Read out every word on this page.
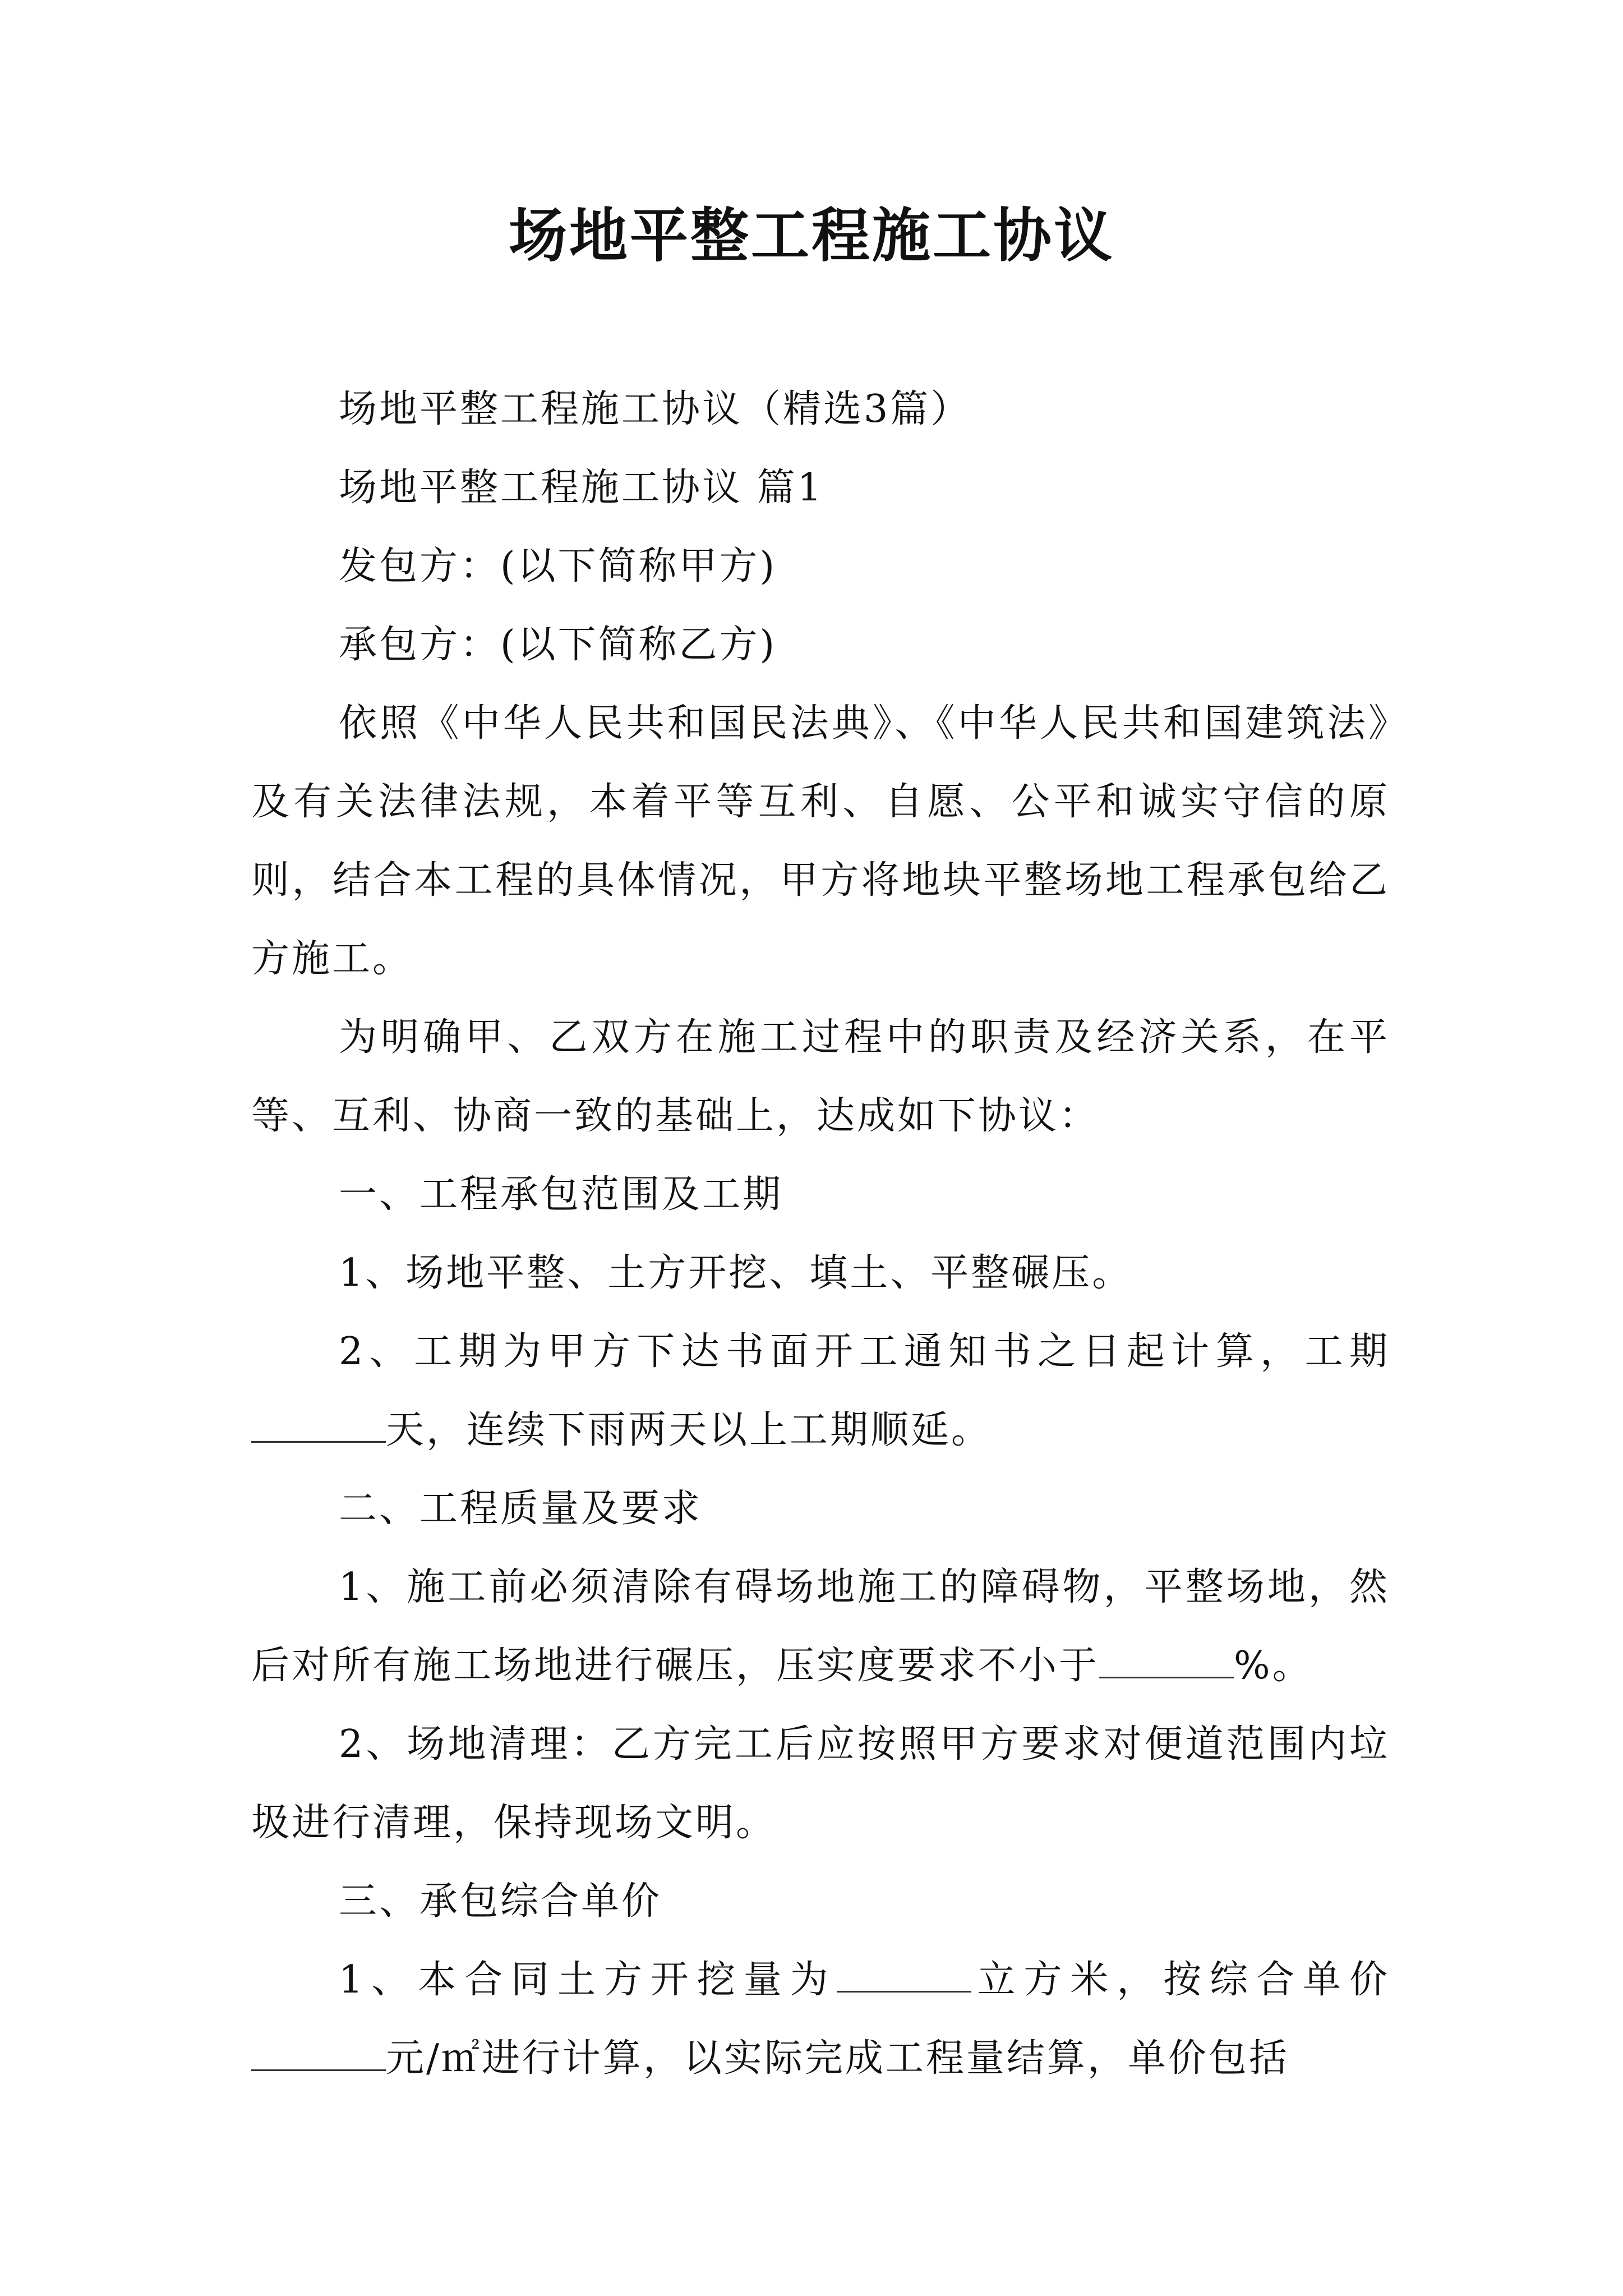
场地平整工程施工协议

场地平整工程施工协议（精选3篇）

场地平整工程施工协议 篇1

发包方：(以下简称甲方)

承包方：(以下简称乙方)

依照《中华人民共和国民法典》、《中华人民共和国建筑法》及有关法律法规，本着平等互利、自愿、公平和诚实守信的原则，结合本工程的具体情况，甲方将地块平整场地工程承包给乙方施工。

为明确甲、乙双方在施工过程中的职责及经济关系，在平等、互利、协商一致的基础上，达成如下协议：

一、工程承包范围及工期

1、场地平整、土方开挖、填土、平整碾压。

2、工期为甲方下达书面开工通知书之日起计算，工期天，连续下雨两天以上工期顺延。

二、工程质量及要求

1、施工前必须清除有碍场地施工的障碍物，平整场地，然后对所有施工场地进行碾压，压实度要求不小于	%。

2、场地清理：乙方完工后应按照甲方要求对便道范围内垃圾进行清理，保持现场文明。

三、承包综合单价

1、本合同土方开挖量为	立方米，按综合单价元/㎡进行计算，以实际完成工程量结算，单价包括
